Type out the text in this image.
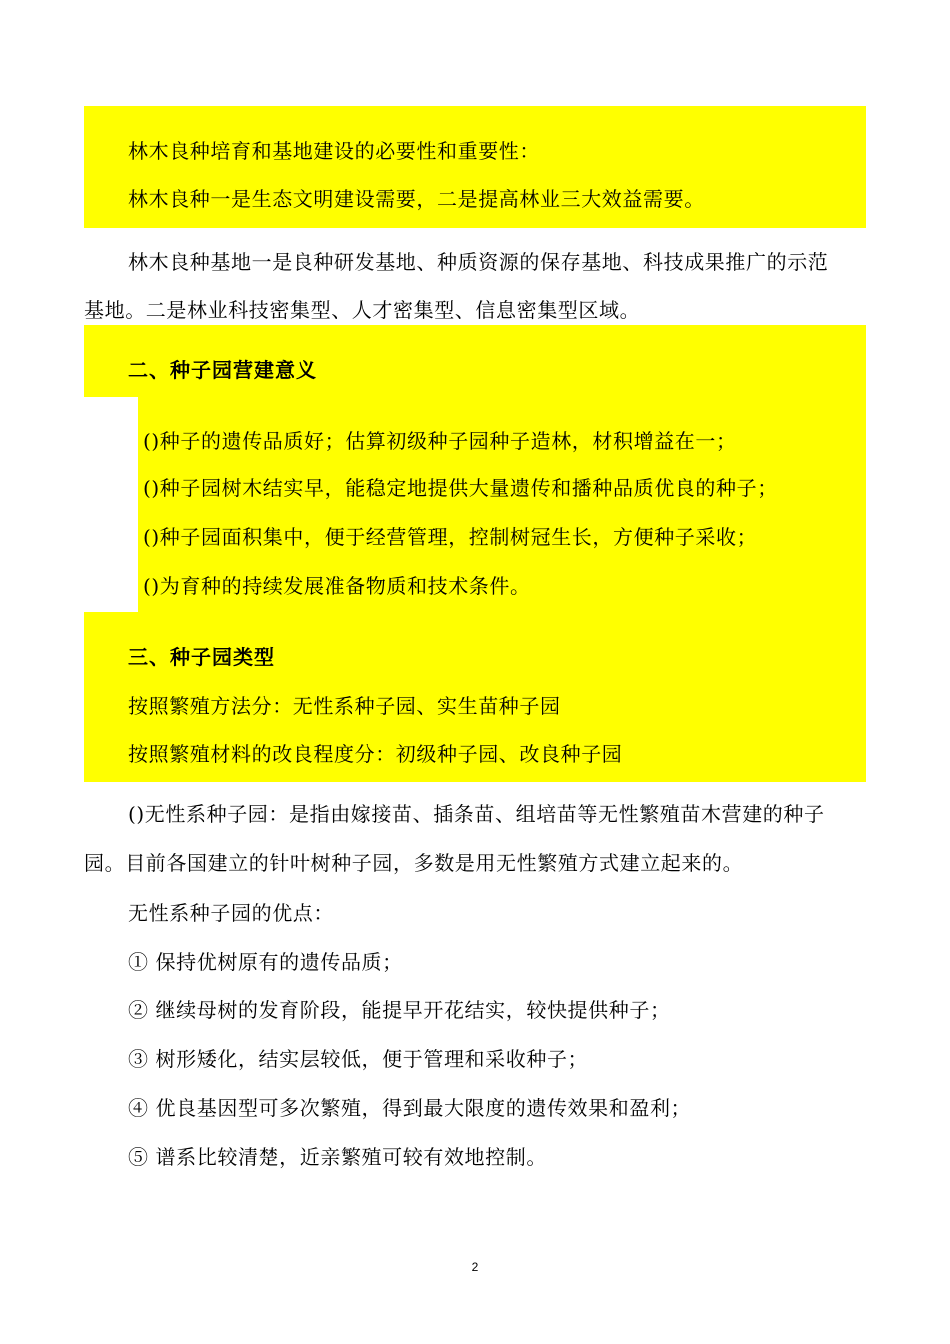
林木良种培育和基地建设的必要性和重要性：
林木良种一是生态文明建设需要，二是提高林业三大效益需要。
林木良种基地一是良种研发基地、种质资源的保存基地、科技成果推广的示范
基地。二是林业科技密集型、人才密集型、信息密集型区域。
二、种子园营建意义
()种子的遗传品质好；估算初级种子园种子造林，材积增益在一；
()种子园树木结实早，能稳定地提供大量遗传和播种品质优良的种子；
()种子园面积集中，便于经营管理，控制树冠生长，方便种子采收；
()为育种的持续发展准备物质和技术条件。
三、种子园类型
按照繁殖方法分：无性系种子园、实生苗种子园
按照繁殖材料的改良程度分：初级种子园、改良种子园
()无性系种子园：是指由嫁接苗、插条苗、组培苗等无性繁殖苗木营建的种子
园。目前各国建立的针叶树种子园，多数是用无性繁殖方式建立起来的。
无性系种子园的优点：
① 保持优树原有的遗传品质；
② 继续母树的发育阶段，能提早开花结实，较快提供种子；
③ 树形矮化，结实层较低，便于管理和采收种子；
④ 优良基因型可多次繁殖，得到最大限度的遗传效果和盈利；
⑤ 谱系比较清楚，近亲繁殖可较有效地控制。
2
